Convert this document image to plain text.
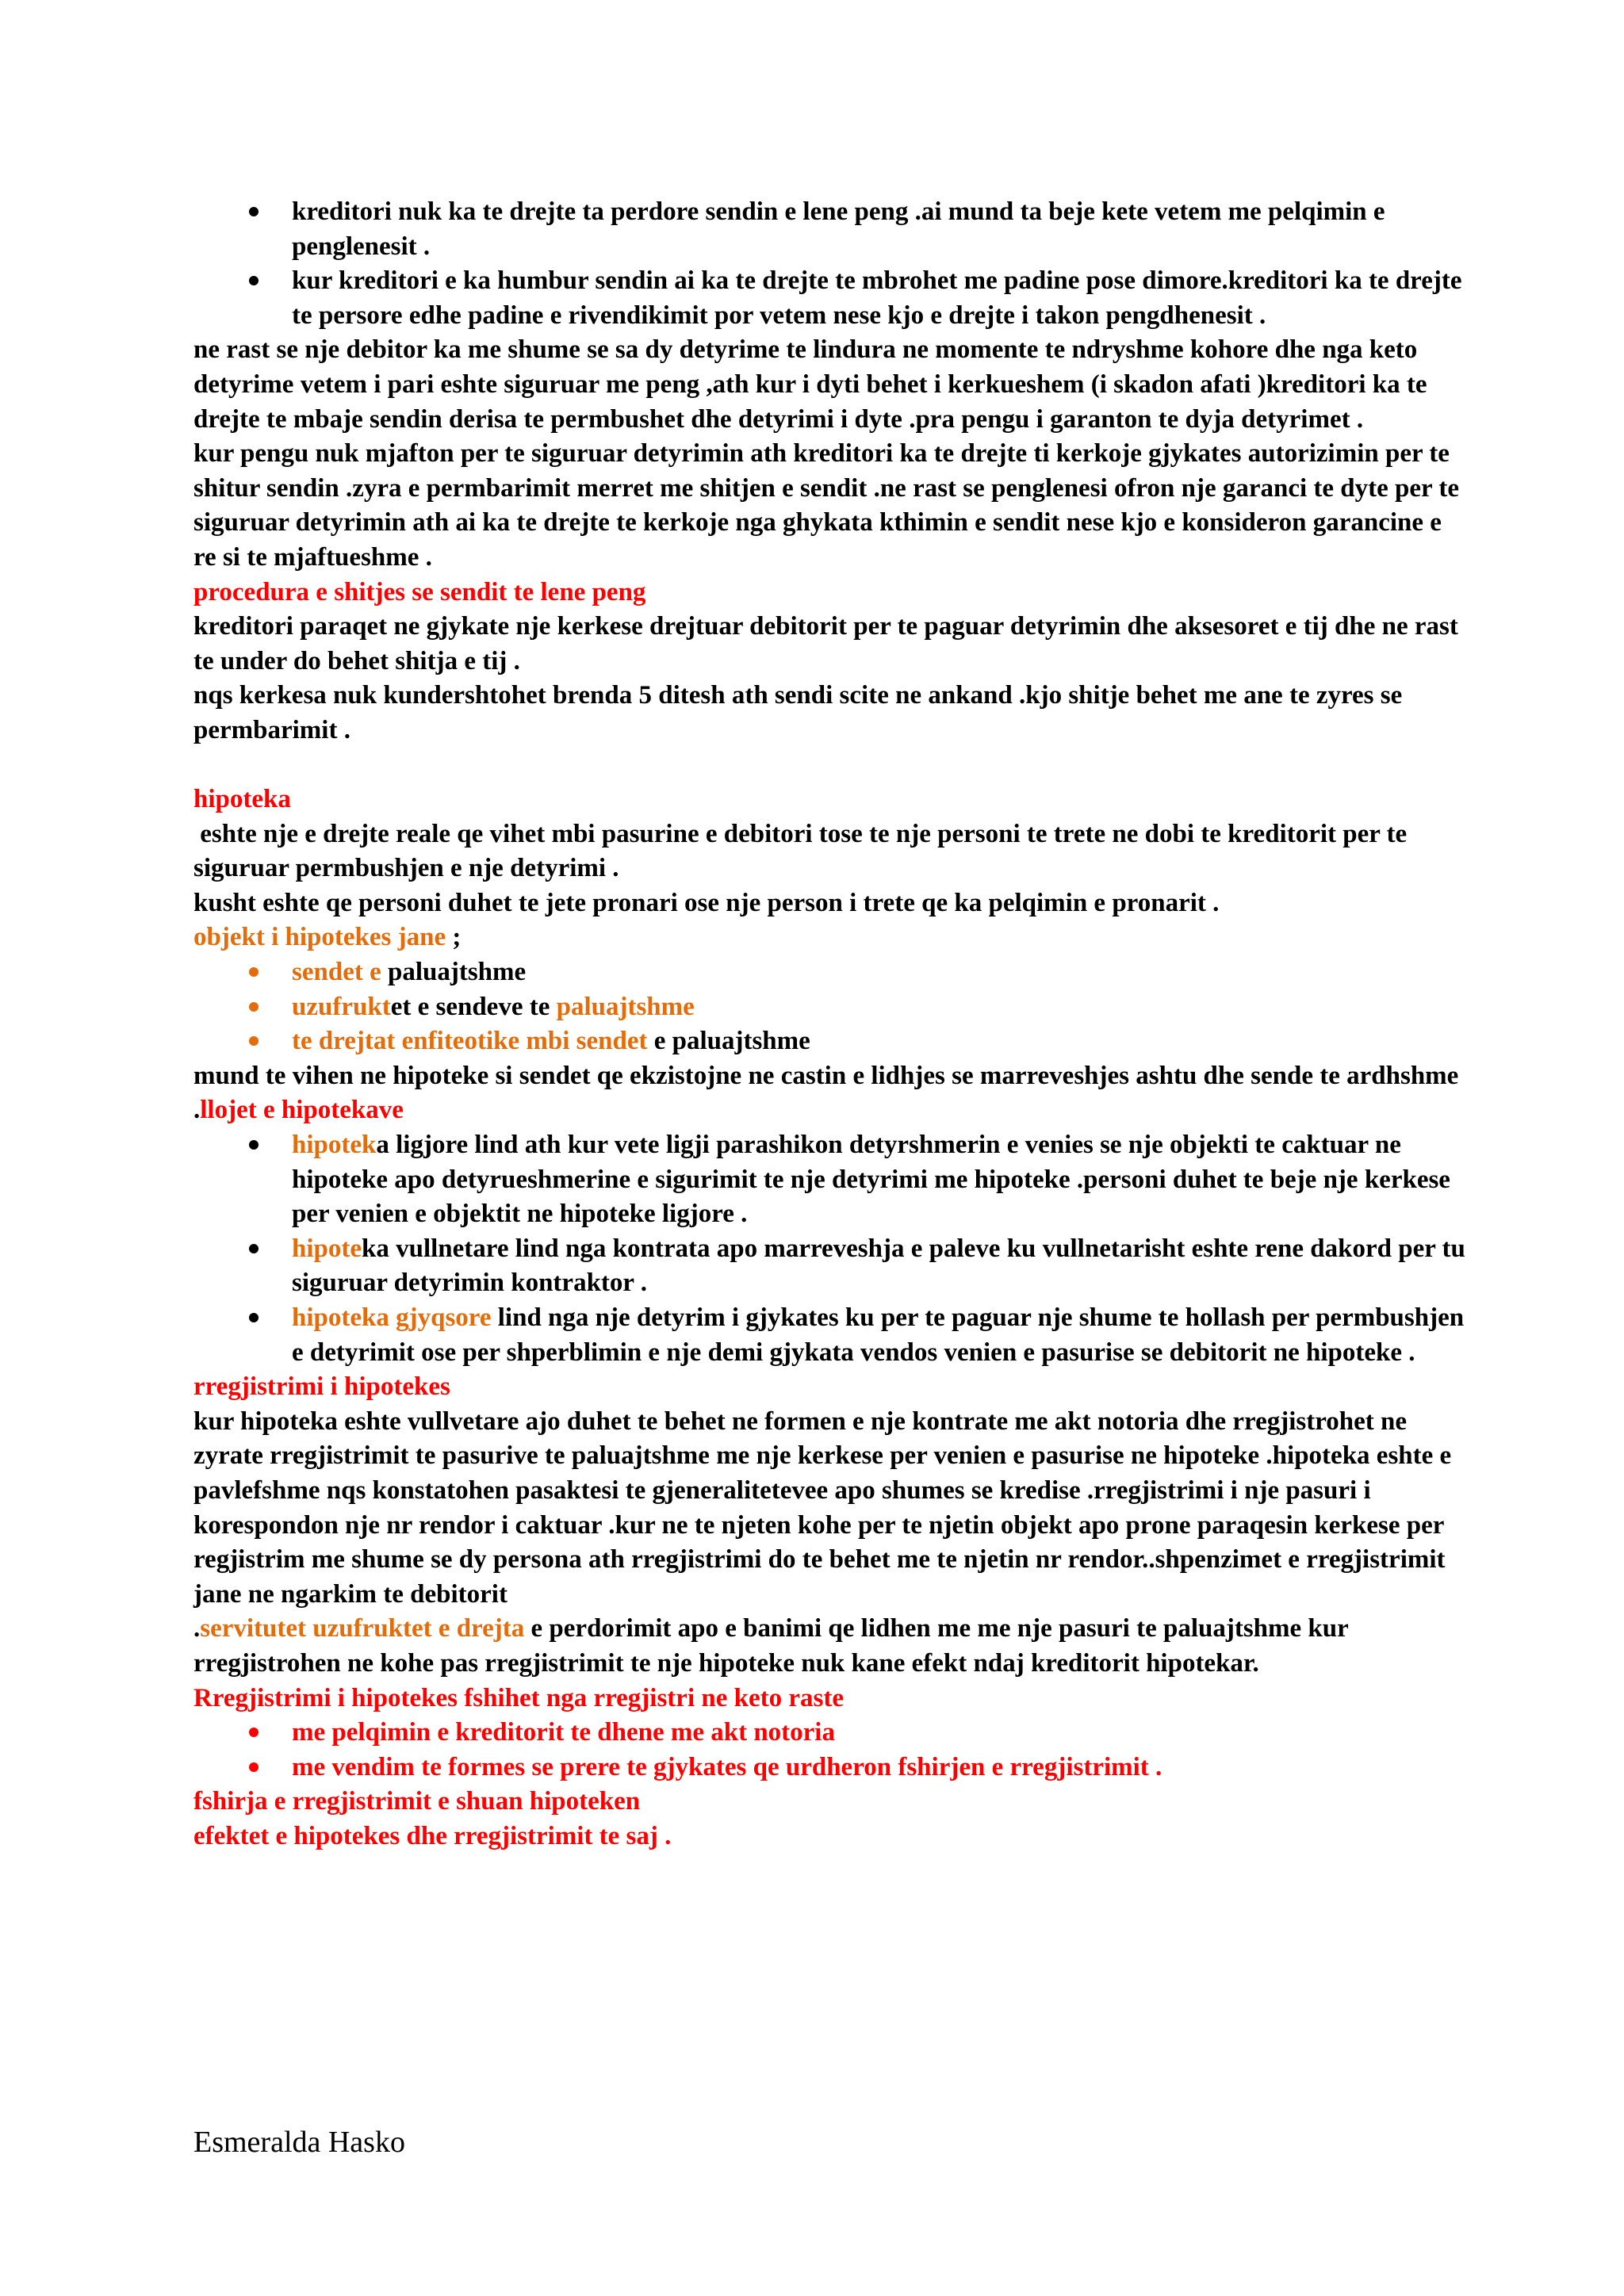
kreditori nuk ka te drejte ta perdore sendin e lene peng .ai mund ta beje kete vetem me pelqimin e penglenesit .
kur kreditori e ka humbur sendin ai ka te drejte te mbrohet me padine pose dimore.kreditori ka te drejte te persore edhe padine e rivendikimit por vetem nese kjo e drejte i takon pengdhenesit .

ne rast se nje debitor ka me shume se sa dy detyrime te lindura ne momente te ndryshme kohore dhe nga keto detyrime vetem i pari eshte siguruar me peng ,ath kur i dyti behet i kerkueshem (i skadon afati )kreditori ka te drejte te mbaje sendin derisa te permbushet dhe detyrimi i dyte .pra pengu i garanton te dyja detyrimet .

kur pengu nuk mjafton per te siguruar detyrimin ath kreditori ka te drejte ti kerkoje gjykates autorizimin per te shitur sendin .zyra e permbarimit merret me shitjen e sendit .ne rast se penglenesi ofron nje garanci te dyte per te siguruar detyrimin ath ai ka te drejte te kerkoje nga ghykata kthimin e sendit nese kjo e konsideron garancine e re si te mjaftueshme .

procedura e shitjes se sendit te lene peng

kreditori paraqet ne gjykate nje kerkese drejtuar debitorit per te paguar detyrimin dhe aksesoret e tij dhe ne rast te under do behet shitja e tij .

nqs kerkesa nuk kundershtohet brenda 5 ditesh ath sendi scite ne ankand .kjo shitje behet me ane te zyres se permbarimit .

hipoteka

eshte nje e drejte reale qe vihet mbi pasurine e debitori tose te nje personi te trete ne dobi te kreditorit per te siguruar permbushjen e nje detyrimi .

kusht eshte qe personi duhet te jete pronari ose nje person i trete qe ka pelqimin e pronarit .

objekt i hipotekes jane ;

sendet e paluajtshme
uzufruktet e sendeve te paluajtshme
te drejtat enfiteotike mbi sendet e paluajtshme

mund te vihen ne hipoteke si sendet qe ekzistojne ne castin e lidhjes se marreveshjes ashtu dhe sende te ardhshme .llojet e hipotekave

hipoteka ligjore lind ath kur vete ligji parashikon detyrshmerin e venies se nje objekti te caktuar ne hipoteke apo detyrueshmerine e sigurimit te nje detyrimi me hipoteke .personi duhet te beje nje kerkese per venien e objektit ne hipoteke ligjore .
hipoteka vullnetare lind nga kontrata apo marreveshja e paleve ku vullnetarisht eshte rene dakord per tu siguruar detyrimin kontraktor .
hipoteka gjyqsore lind nga nje detyrim i gjykates ku per te paguar nje shume te hollash per permbushjen e detyrimit ose per shperblimin e nje demi gjykata vendos venien e pasurise se debitorit ne hipoteke .

rregjistrimi i hipotekes

kur hipoteka eshte vullvetare ajo duhet te behet ne formen e nje kontrate me akt notoria dhe rregjistrohet ne zyrate rregjistrimit te pasurive te paluajtshme me nje kerkese per venien e pasurise ne hipoteke .hipoteka eshte e pavlefshme nqs konstatohen pasaktesi te gjeneralitetevee apo shumes se kredise .rregjistrimi i nje pasuri i korespondon nje nr rendor i caktuar .kur ne te njeten kohe per te njetin objekt apo prone paraqesin kerkese per regjistrim me shume se dy persona ath rregjistrimi do te behet me te njetin nr rendor..shpenzimet e rregjistrimit jane ne ngarkim te debitorit

.servitutet uzufruktet e drejta e perdorimit apo e banimi qe lidhen me me nje pasuri te paluajtshme kur rregjistrohen ne kohe pas rregjistrimit te nje hipoteke nuk kane efekt ndaj kreditorit hipotekar.

Rregjistrimi i hipotekes fshihet nga rregjistri ne keto raste

me pelqimin e kreditorit te dhene me akt notoria
me vendim te formes se prere te gjykates qe urdheron fshirjen e rregjistrimit .

fshirja e rregjistrimit e shuan hipoteken

efektet e hipotekes dhe rregjistrimit te saj .

Esmeralda Hasko
